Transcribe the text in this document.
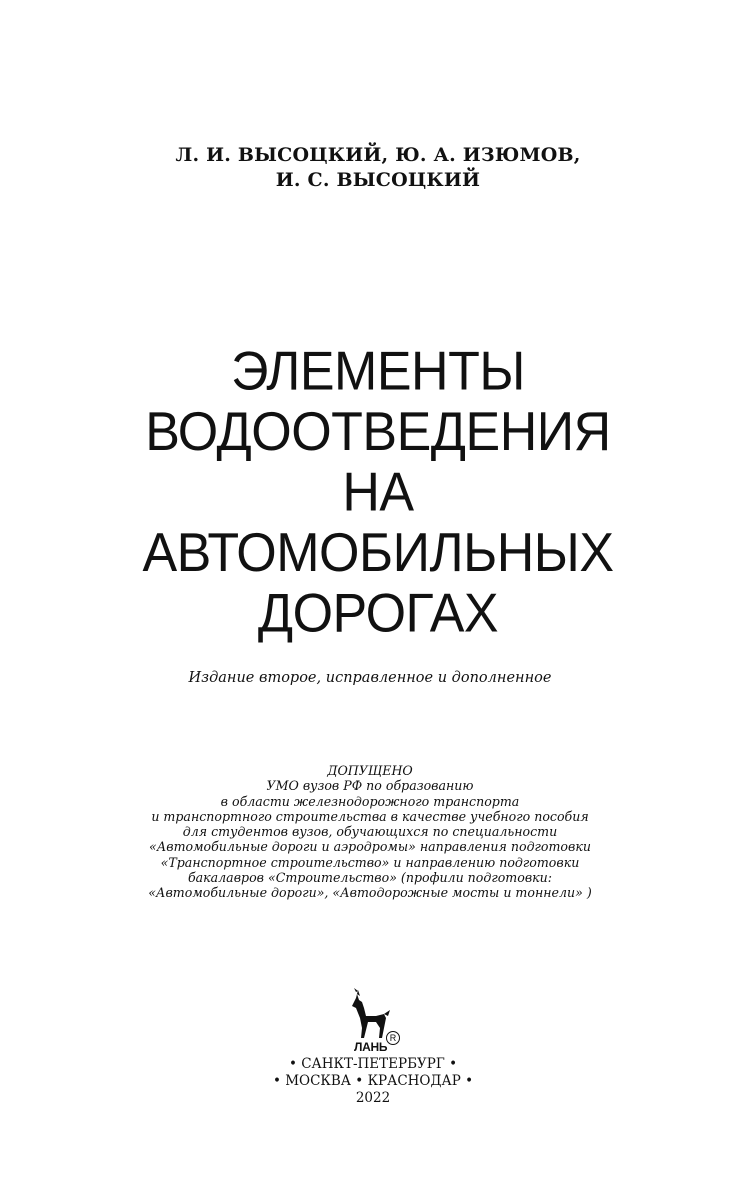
Л. И. ВЫСОЦКИЙ, Ю. А. ИЗЮМОВ,
И. С. ВЫСОЦКИЙ
ЭЛЕМЕНТЫ
ВОДООТВЕДЕНИЯ
НА
АВТОМОБИЛЬНЫХ
ДОРОГАХ
Издание второе, исправленное и дополненное
ДОПУЩЕНО
УМО вузов РФ по образованию
в области железнодорожного транспорта
и транспортного строительства в качестве учебного пособия
для студентов вузов, обучающихся по специальности
«Автомобильные дороги и аэродромы» направления подготовки
«Транспортное строительство» и направлению подготовки
бакалавров «Строительство» (профили подготовки:
«Автомобильные дороги», «Автодорожные мосты и тоннели» )
ЛАНЬ
R
• САНКТ-ПЕТЕРБУРГ •
• МОСКВА • КРАСНОДАР •
2022
